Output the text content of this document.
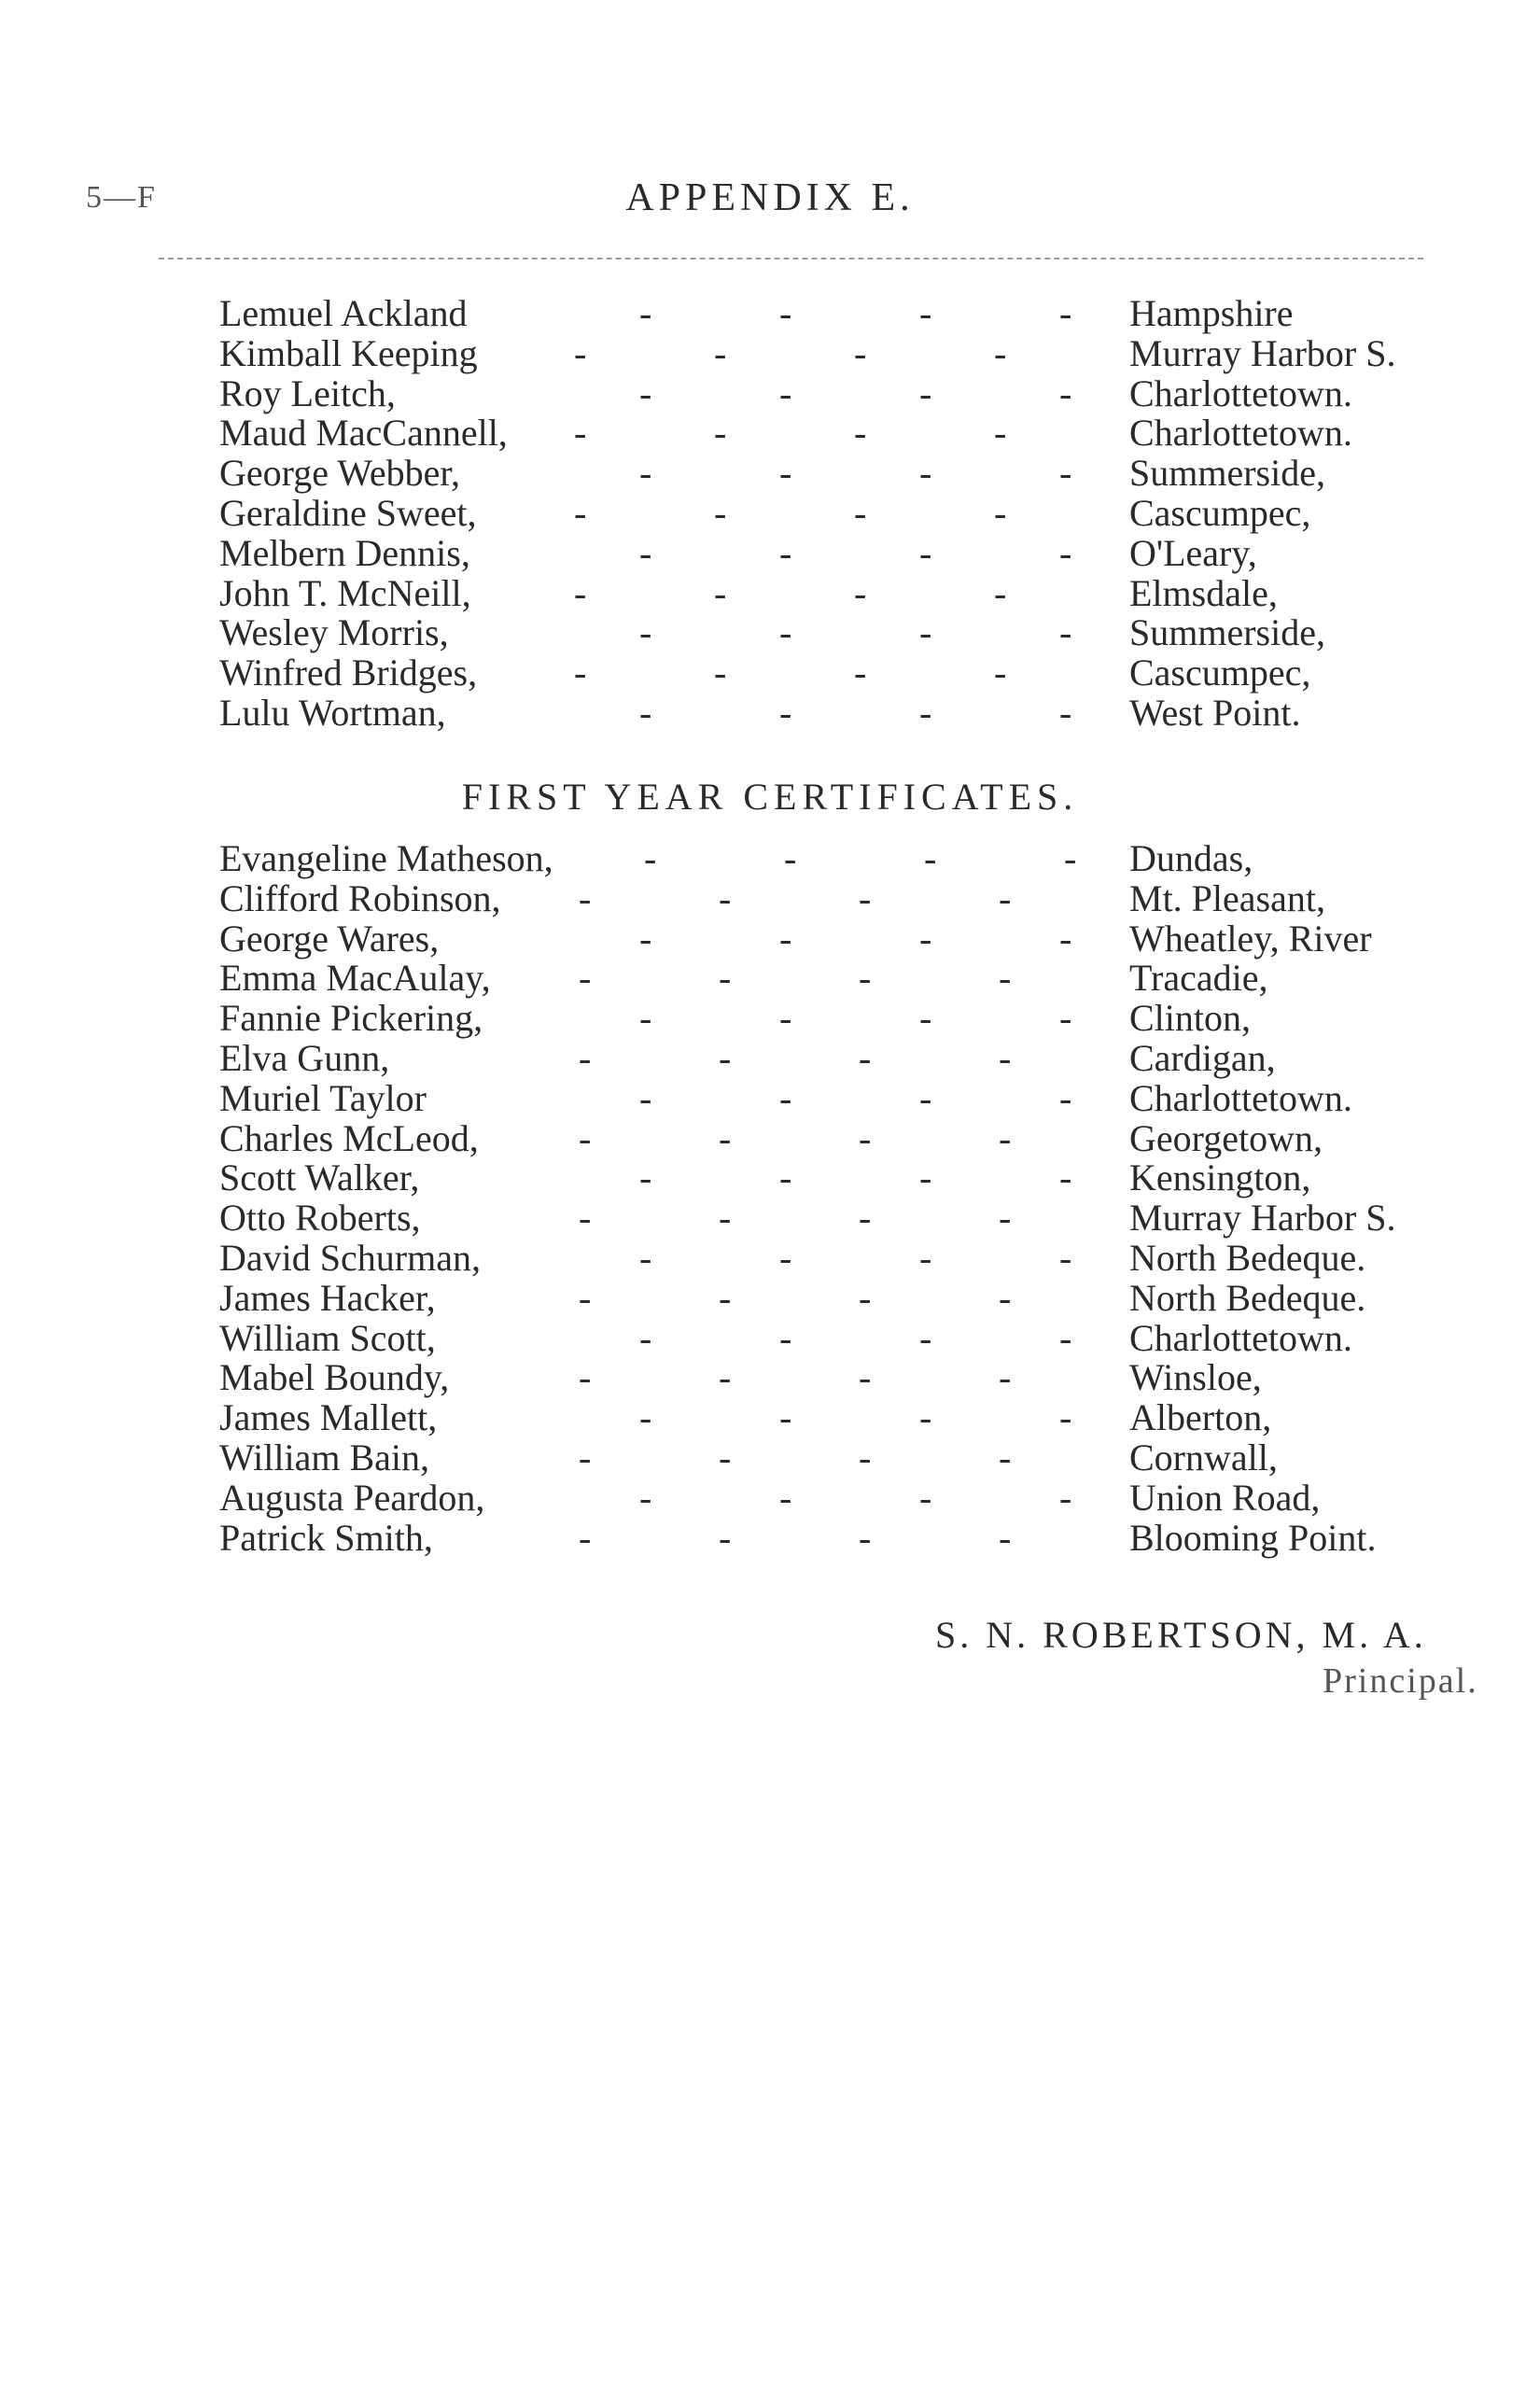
5—F	APPENDIX E.
Lemuel Ackland	-	-	-	-	Hampshire
Kimball Keeping	-	-	-	-	Murray Harbor S.
Roy Leitch,	-	-	-	-	Charlottetown.
Maud MacCannell, -	-	-	-	Charlottetown.
George Webber,	-	-	-	-	Summerside,
Geraldine Sweet,	-	-	-	-	Cascumpec,
Melbern Dennis,	-	-	-	-	O'Leary,
John T. McNeill,	-	-	-	-	Elmsdale,
Wesley Morris,	-	-	-	-	Summerside,
Winfred Bridges,	-	-	-	-	Cascumpec,
Lulu Wortman,	-	-	-	-	West Point.
FIRST YEAR CERTIFICATES.
Evangeline Matheson, -	-	-	-	Dundas,
Clifford Robinson, -	-	-	-	Mt. Pleasant,
George Wares,	-	-	-	-	Wheatley, River
Emma MacAulay, -	-	-	-	Tracadie,
Fannie Pickering,	-	-	-	-	Clinton,
Elva Gunn,	-	-	-	-	Cardigan,
Muriel Taylor	-	-	-	-	Charlottetown.
Charles McLeod,	-	-	-	-	Georgetown,
Scott Walker,	-	-	-	-	Kensington,
Otto Roberts,	-	-	-	-	Murray Harbor S.
David Schurman,	-	-	-	-	North Bedeque.
James Hacker,	-	-	-	-	North Bedeque.
William Scott,	-	-	-	-	Charlottetown.
Mabel Boundy,	-	-	-	-	Winsloe,
James Mallett,	-	-	-	-	Alberton,
William Bain,	-	-	-	-	Cornwall,
Augusta Peardon,	-	-	-	-	Union Road,
Patrick Smith,	-	-	-	-	Blooming Point.
S. N. ROBERTSON, M. A.
Principal.
